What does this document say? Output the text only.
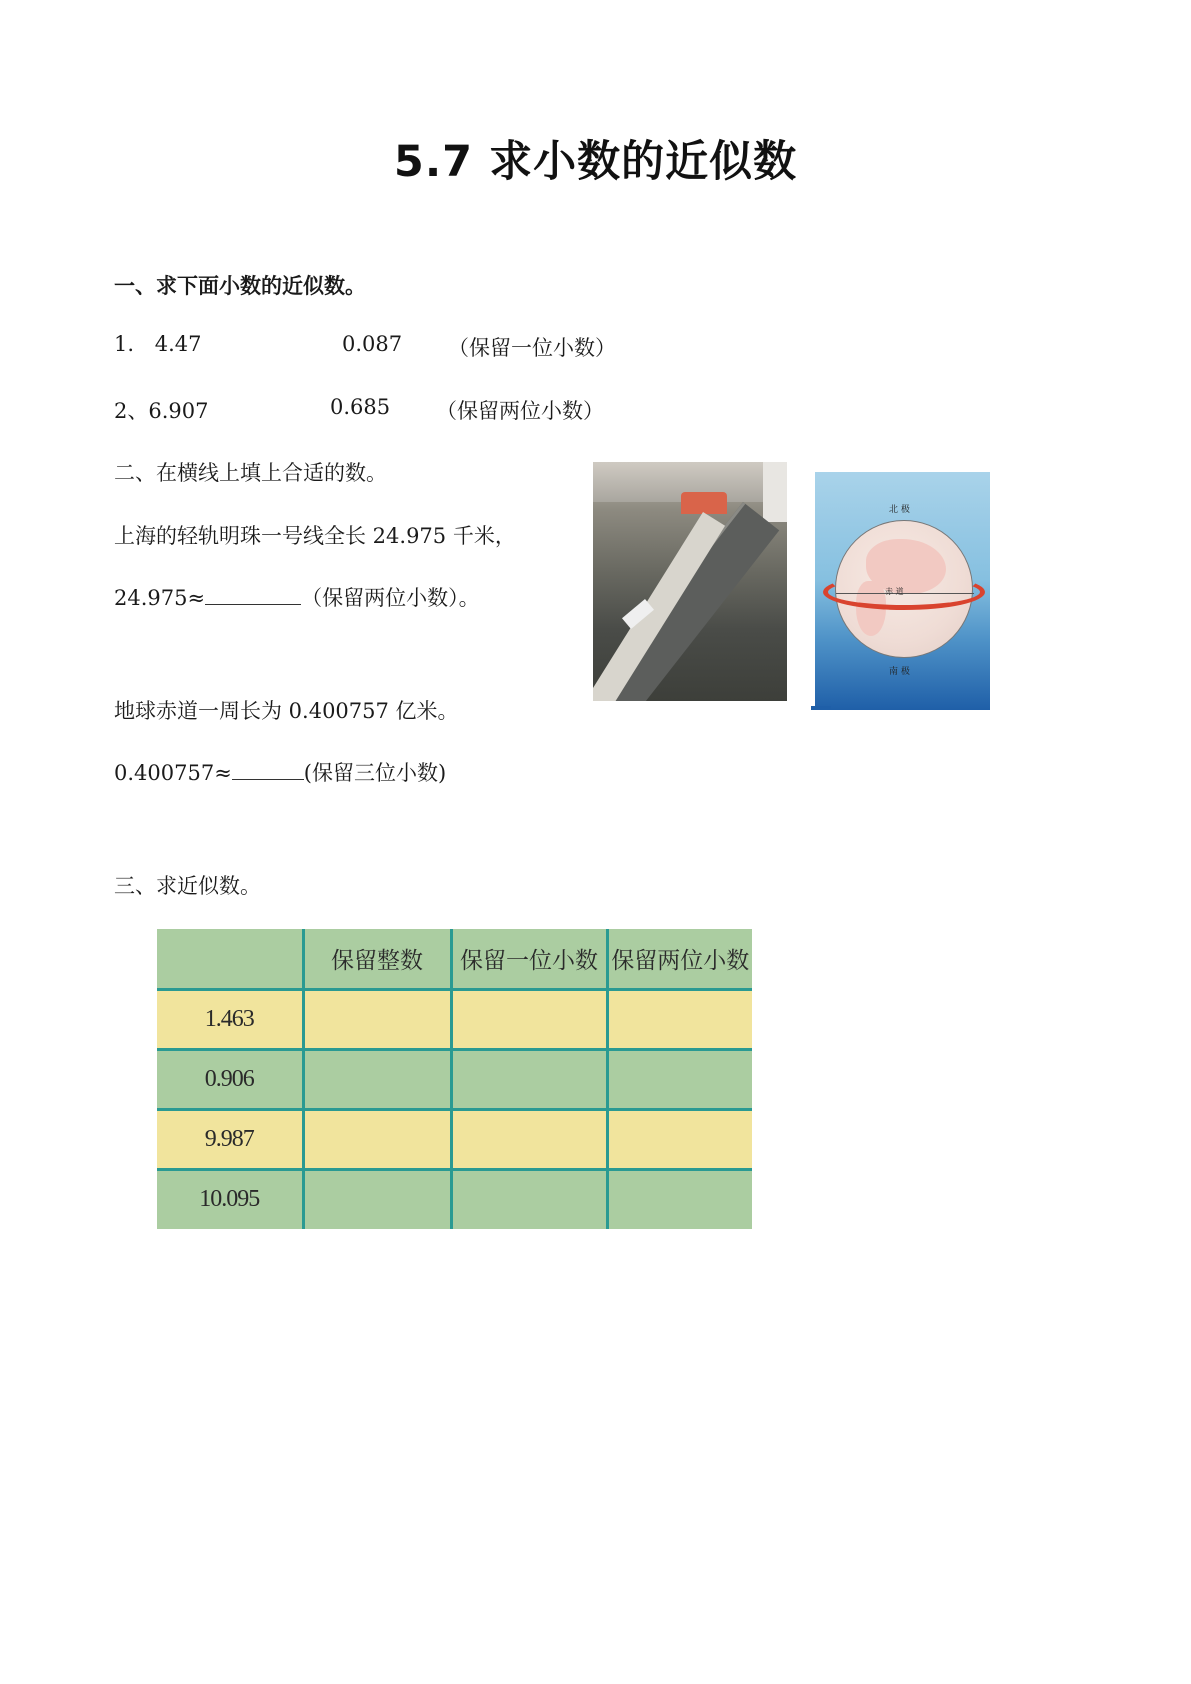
5.7 求小数的近似数
一、求下面小数的近似数。
1. 4.47	0.087 （保留一位小数）
2、6.907	0.685 （保留两位小数）
二、在横线上填上合适的数。
上海的轻轨明珠一号线全长 24.975 千米，
24.975≈	（保留两位小数）。
地球赤道一周长为 0.400757 亿米。
0.400757≈	(保留三位小数)
北 极
赤 道
南 极
三、求近似数。
	保留整数	保留一位小数	保留两位小数
1.463			
0.906			
9.987			
10.095			
